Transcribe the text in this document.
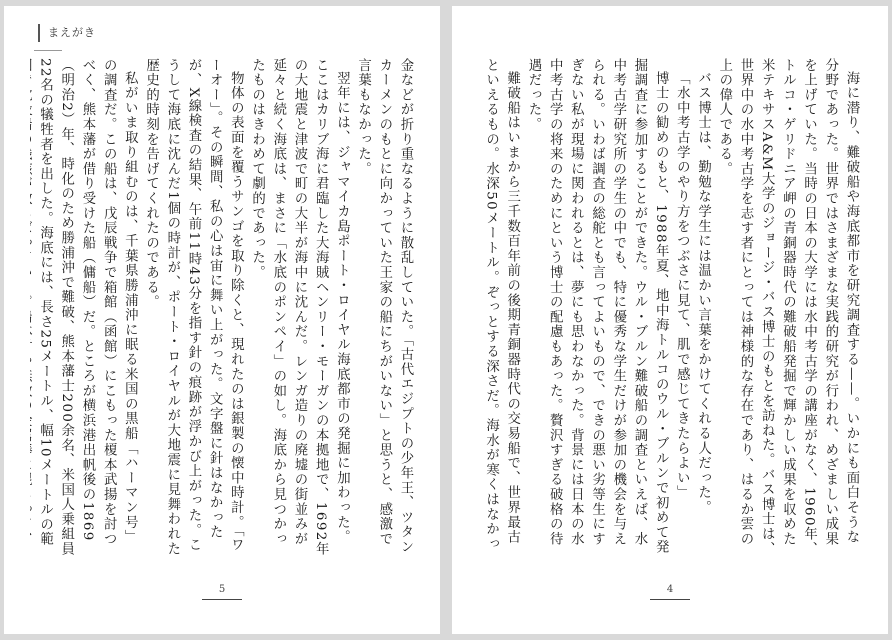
まえがき

金などが折り重なるように散乱していた。「古代エジプトの少年王、ツタンカーメンのもとに向かっていた王家の船にちがいない」と思うと、感激で言葉もなかった。

翌年には、ジャマイカ島ポート・ロイヤル海底都市の発掘に加わった。ここはカリブ海に君臨した大海賊ヘンリー・モーガンの本拠地で、1692年の大地震と津波で町の大半が海中に沈んだ。レンガ造りの廃墟の街並みが延々と続く海底は、まさに「水底のポンペイ」の如し。海底から見つかったものはきわめて劇的であった。

物体の表面を覆うサンゴを取り除くと、現れたのは銀製の懐中時計。「ワーオー」。その瞬間、私の心は宙に舞い上がった。文字盤に針はなかったが、X線検査の結果、午前11時43分を指す針の痕跡が浮かび上がった。こうして海底に沈んだ1個の時計が、ポート・ロイヤルが大地震に見舞われた歴史的時刻を告げてくれたのである。

私がいま取り組むのは、千葉県勝浦沖に眠る米国の黒船「ハーマン号」の調査だ。この船は、戊辰戦争で箱館（函館）にこもった榎本武揚を討つべく、熊本藩が借り受けた船（傭船）だ。ところが横浜港出帆後の1869（明治2）年、時化のため勝浦沖で難破、熊本藩士200余名、米国人乗組員22名の犠牲者を出した。海底には、長さ25メートル、幅10メートルの範

5

海に潜り、難破船や海底都市を研究調査する——。いかにも面白そうな分野であった。世界ではさまざまな実践的研究が行われ、めざましい成果を上げていた。当時の日本の大学には水中考古学の講座がなく、1960年、トルコ・ゲリドニア岬の青銅器時代の難破船発掘で輝かしい成果を収めた米テキサスA&M大学のジョージ・バス博士のもとを訪ねた。バス博士は、世界中の水中考古学を志す者にとっては神様的な存在であり、はるか雲の上の偉人である。

バス博士は、勤勉な学生には温かい言葉をかけてくれる人だった。

「水中考古学のやり方をつぶさに見て、肌で感じてきたらよい」

博士の勧めのもと、1988年夏、地中海トルコのウル・ブルンで初めて発掘調査に参加することができた。ウル・ブルン難破船の調査といえば、水中考古学研究所の学生の中でも、特に優秀な学生だけが参加の機会を与えられる。いわば調査の総舵とも言ってよいもので、できの悪い劣等生にすぎない私が現場に関われるとは、夢にも思わなかった。背景には日本の水中考古学の将来のためにという博士の配慮もあった。贅沢すぎる破格の待遇だった。

難破船はいまから三千数百年前の後期青銅器時代の交易船で、世界最古といえるもの。水深50メートル。ぞっとする深さだ。海水が寒くはなかっ

4
